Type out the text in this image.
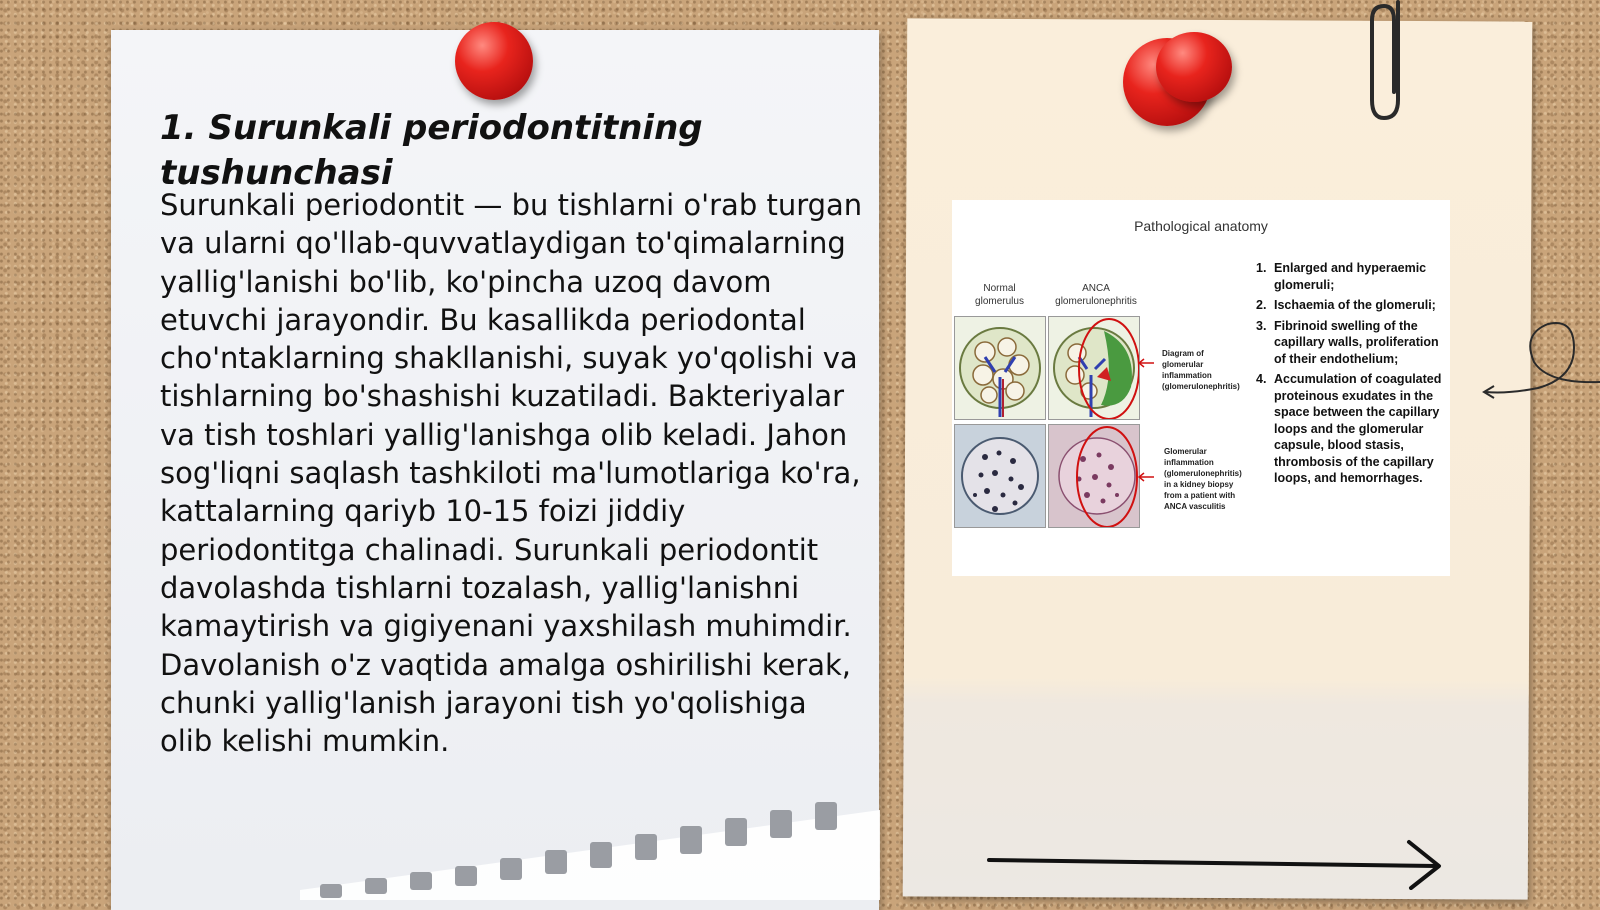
1. Surunkali periodontitning tushunchasi

Surunkali periodontit — bu tishlarni o'rab turgan va ularni qo'llab-quvvatlaydigan to'qimalarning yallig'lanishi bo'lib, ko'pincha uzoq davom etuvchi jarayondir. Bu kasallikda periodontal cho'ntaklarning shakllanishi, suyak yo'qolishi va tishlarning bo'shashishi kuzatiladi. Bakteriyalar va tish toshlari yallig'lanishga olib keladi. Jahon sog'liqni saqlash tashkiloti ma'lumotlariga ko'ra, kattalarning qariyb 10-15 foizi jiddiy periodontitga chalinadi. Surunkali periodontit davolashda tishlarni tozalash, yallig'lanishni kamaytirish va gigiyenani yaxshilash muhimdir. Davolanish o'z vaqtida amalga oshirilishi kerak, chunki yallig'lanish jarayoni tish yo'qolishiga olib kelishi mumkin.

Pathological anatomy
Normal
glomerulus
ANCA
glomerulonephritis
Diagram of
glomerular
inflammation
(glomerulonephritis)
Glomerular
inflammation
(glomerulonephritis)
in a kidney biopsy
from a patient with
ANCA vasculitis
1. Enlarged and hyperaemic glomeruli;
2. Ischaemia of the glomeruli;
3. Fibrinoid swelling of the capillary walls, proliferation of their endothelium;
4. Accumulation of coagulated proteinous exudates in the space between the capillary loops and the glomerular capsule, blood stasis, thrombosis of the capillary loops, and hemorrhages.
